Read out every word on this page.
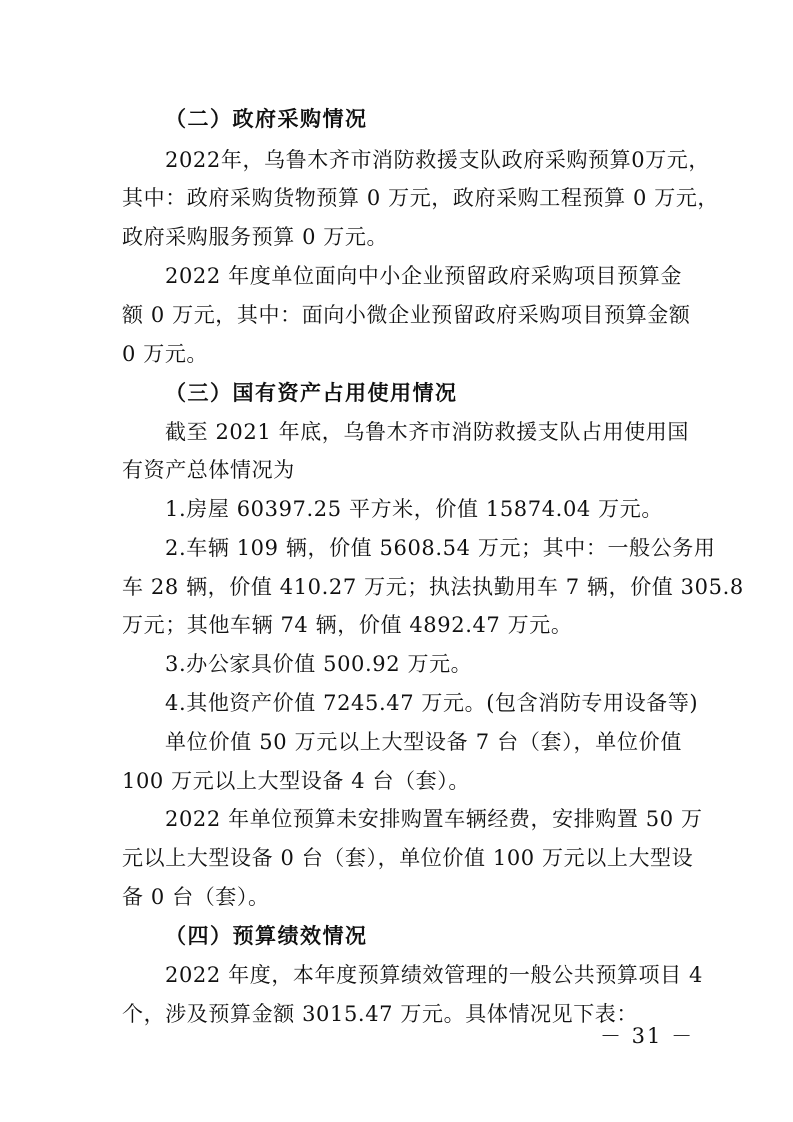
（二）政府采购情况
2022年，乌鲁木齐市消防救援支队政府采购预算0万元，
其中：政府采购货物预算 0 万元，政府采购工程预算 0 万元，
政府采购服务预算 0 万元。
2022 年度单位面向中小企业预留政府采购项目预算金
额 0 万元，其中：面向小微企业预留政府采购项目预算金额
0 万元。
（三）国有资产占用使用情况
截至 2021 年底，乌鲁木齐市消防救援支队占用使用国
有资产总体情况为
1.房屋 60397.25 平方米，价值 15874.04 万元。
2.车辆 109 辆，价值 5608.54 万元；其中：一般公务用
车 28 辆，价值 410.27 万元；执法执勤用车 7 辆，价值 305.8
万元；其他车辆 74 辆，价值 4892.47 万元。
3.办公家具价值 500.92 万元。
4.其他资产价值 7245.47 万元。(包含消防专用设备等)
单位价值 50 万元以上大型设备 7 台（套），单位价值
100 万元以上大型设备 4 台（套）。
2022 年单位预算未安排购置车辆经费，安排购置 50 万
元以上大型设备 0 台（套），单位价值 100 万元以上大型设
备 0 台（套）。
（四）预算绩效情况
2022 年度，本年度预算绩效管理的一般公共预算项目 4
个，涉及预算金额 3015.47 万元。具体情况见下表：
－ 31 －
